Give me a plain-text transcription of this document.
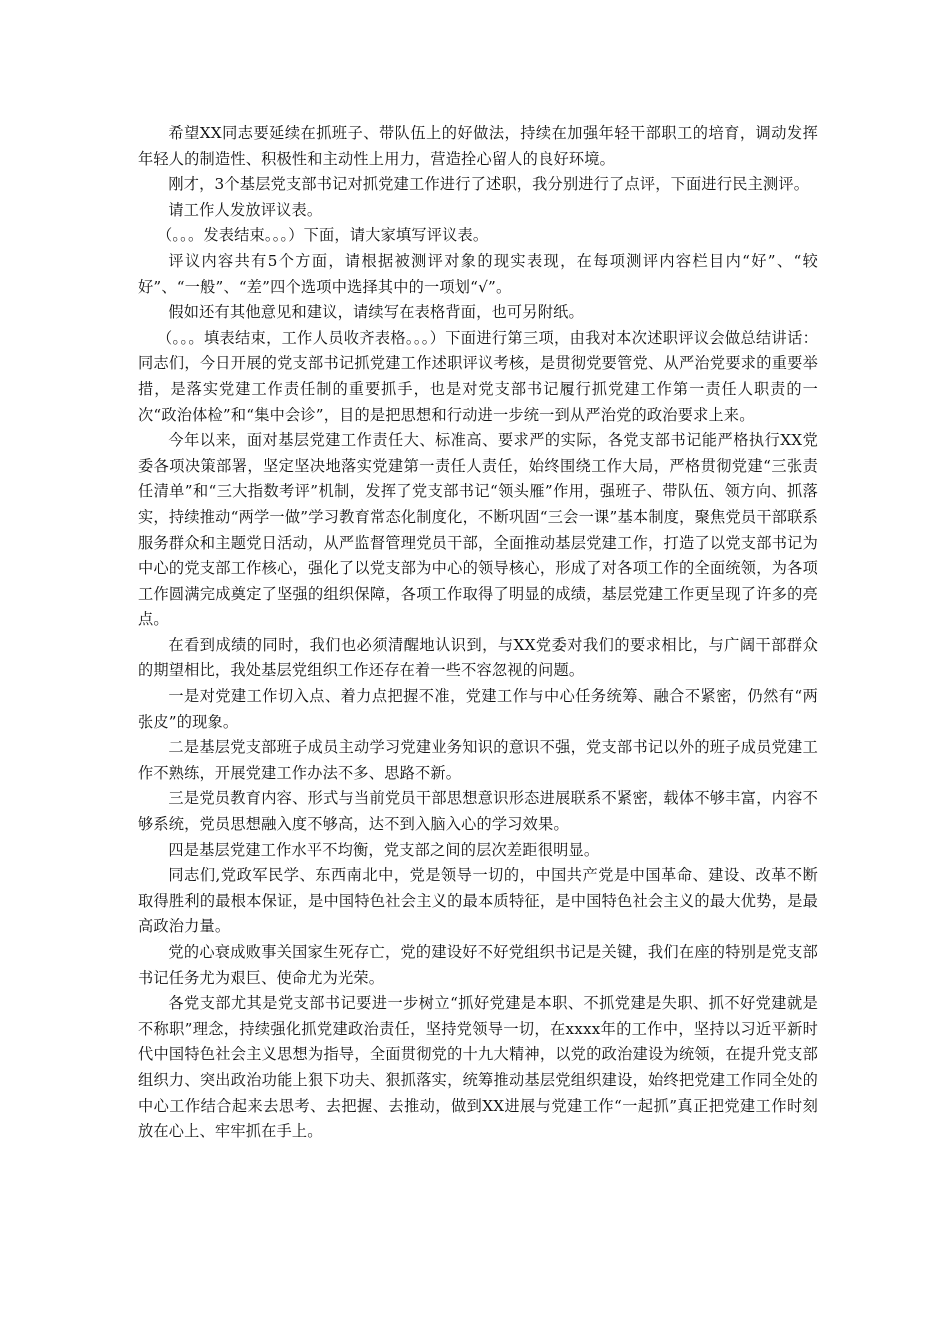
希望XX同志要延续在抓班子、带队伍上的好做法，持续在加强年轻干部职工的培育，调动发挥年轻人的制造性、积极性和主动性上用力，营造拴心留人的良好环境。

刚才，3个基层党支部书记对抓党建工作进行了述职，我分别进行了点评，下面进行民主测评。

请工作人发放评议表。

（。。。发表结束。。。）下面，请大家填写评议表。

评议内容共有5个方面，请根据被测评对象的现实表现，在每项测评内容栏目内“好”、“较好”、“一般”、“差”四个选项中选择其中的一项划“√”。

假如还有其他意见和建议，请续写在表格背面，也可另附纸。

（。。。填表结束，工作人员收齐表格。。。）下面进行第三项，由我对本次述职评议会做总结讲话：同志们，今日开展的党支部书记抓党建工作述职评议考核，是贯彻党要管党、从严治党要求的重要举措，是落实党建工作责任制的重要抓手，也是对党支部书记履行抓党建工作第一责任人职责的一次“政治体检”和“集中会诊”，目的是把思想和行动进一步统一到从严治党的政治要求上来。

今年以来，面对基层党建工作责任大、标准高、要求严的实际，各党支部书记能严格执行XX党委各项决策部署，坚定坚决地落实党建第一责任人责任，始终围绕工作大局，严格贯彻党建“三张责任清单”和“三大指数考评”机制，发挥了党支部书记“领头雁”作用，强班子、带队伍、领方向、抓落实，持续推动“两学一做”学习教育常态化制度化，不断巩固“三会一课”基本制度，聚焦党员干部联系服务群众和主题党日活动，从严监督管理党员干部，全面推动基层党建工作，打造了以党支部书记为中心的党支部工作核心，强化了以党支部为中心的领导核心，形成了对各项工作的全面统领，为各项工作圆满完成奠定了坚强的组织保障，各项工作取得了明显的成绩，基层党建工作更呈现了许多的亮点。

在看到成绩的同时，我们也必须清醒地认识到，与XX党委对我们的要求相比，与广阔干部群众的期望相比，我处基层党组织工作还存在着一些不容忽视的问题。

一是对党建工作切入点、着力点把握不准，党建工作与中心任务统筹、融合不紧密，仍然有“两张皮”的现象。

二是基层党支部班子成员主动学习党建业务知识的意识不强，党支部书记以外的班子成员党建工作不熟练，开展党建工作办法不多、思路不新。

三是党员教育内容、形式与当前党员干部思想意识形态进展联系不紧密，载体不够丰富，内容不够系统，党员思想融入度不够高，达不到入脑入心的学习效果。

四是基层党建工作水平不均衡，党支部之间的层次差距很明显。

同志们,党政军民学、东西南北中，党是领导一切的，中国共产党是中国革命、建设、改革不断取得胜利的最根本保证，是中国特色社会主义的最本质特征，是中国特色社会主义的最大优势，是最高政治力量。

党的心衰成败事关国家生死存亡，党的建设好不好党组织书记是关键，我们在座的特别是党支部书记任务尤为艰巨、使命尤为光荣。

各党支部尤其是党支部书记要进一步树立“抓好党建是本职、不抓党建是失职、抓不好党建就是不称职”理念，持续强化抓党建政治责任，坚持党领导一切，在xxxx年的工作中，坚持以习近平新时代中国特色社会主义思想为指导，全面贯彻党的十九大精神，以党的政治建设为统领，在提升党支部组织力、突出政治功能上狠下功夫、狠抓落实，统筹推动基层党组织建设，始终把党建工作同全处的中心工作结合起来去思考、去把握、去推动，做到XX进展与党建工作“一起抓”真正把党建工作时刻放在心上、牢牢抓在手上。
